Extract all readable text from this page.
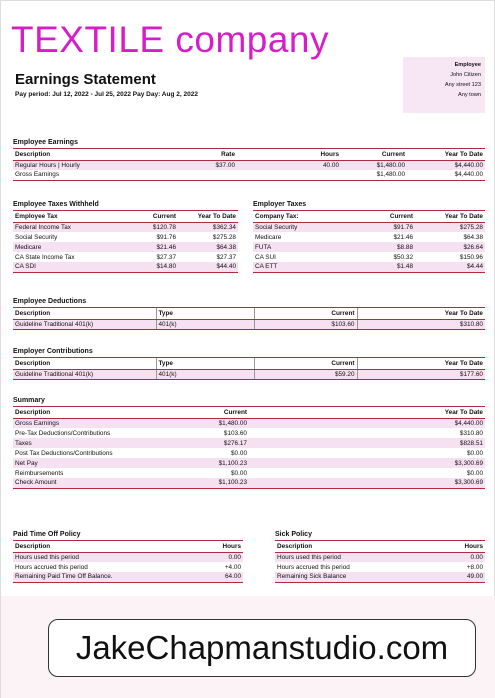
TEXTILE company
Earnings Statement
Pay period: Jul 12, 2022 - Jul 25, 2022 Pay Day: Aug 2, 2022
Employee
John Citizen
Any street 123
Any town
Employee Earnings
Description	Rate	Hours	Current	Year To Date
Regular Hours | Hourly	$37.00	40.00	$1,480.00	$4,440.00
Gross Earnings			$1,480.00	$4,440.00
Employee Taxes Withheld
Employee Tax	Current	Year To Date
Federal Income Tax	$120.78	$362.34
Social Security	$91.76	$275.28
Medicare	$21.46	$64.38
CA State Income Tax	$27.37	$27.37
CA SDI	$14.80	$44.40
Employer Taxes
Company Tax:	Current	Year To Date
Social Security	$91.76	$275.28
Medicare	$21.46	$64.38
FUTA	$8.88	$26.64
CA SUI	$50.32	$150.96
CA ETT	$1.48	$4.44
Employee Deductions
Description	Type	Current	Year To Date
Guideline Traditional 401(k)	401(k)	$103.60	$310.80
Employer Contributions
Description	Type	Current	Year To Date
Guideline Traditional 401(k)	401(k)	$59.20	$177.60
Summary
Description	Current	Year To Date
Gross Earnings	$1,480.00	$4,440.00
Pre-Tax Deductions/Contributions	$103.60	$310.80
Taxes	$276.17	$828.51
Post Tax Deductions/Contributions	$0.00	$0.00
Net Pay	$1,100.23	$3,300.69
Reimbursements	$0.00	$0.00
Check Amount	$1,100.23	$3,300.69
Paid Time Off Policy
Description	Hours
Hours used this period	0.00
Hours accrued this period	+4.00
Remaining Paid Time Off Balance.	64.00
Sick Policy
Description	Hours
Hours used this period	0.00
Hours accrued this period	+8.00
Remaining Sick Balance	49.00
JakeChapmanstudio.com
